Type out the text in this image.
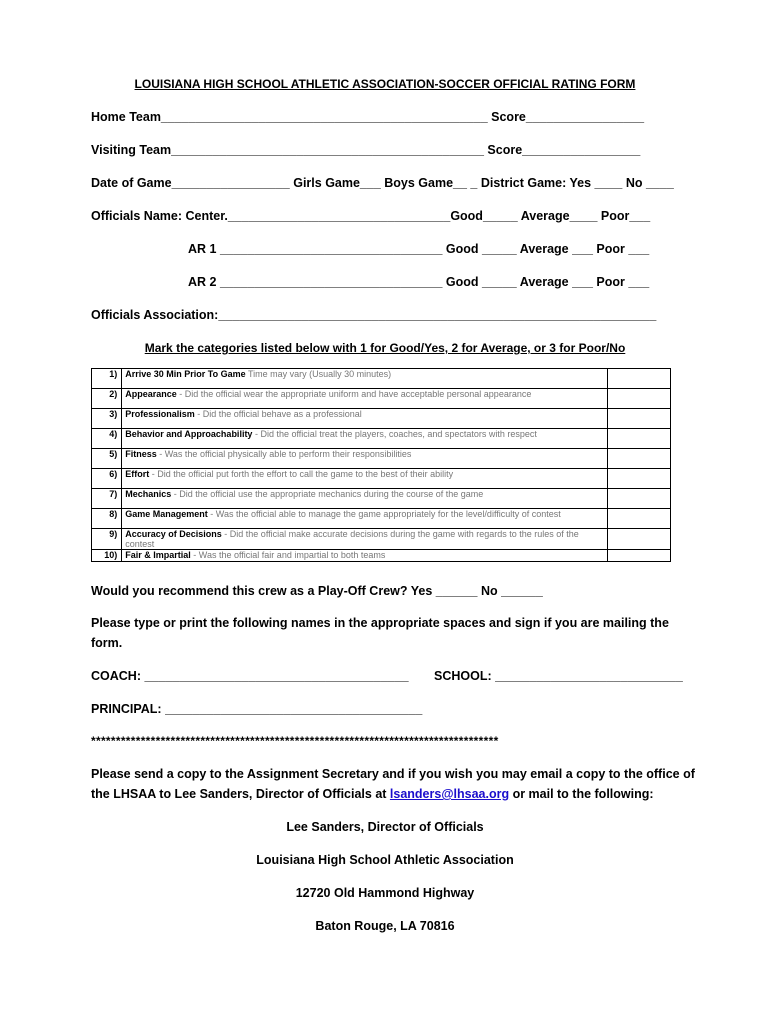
LOUISIANA HIGH SCHOOL ATHLETIC ASSOCIATION-SOCCER OFFICIAL RATING FORM
Home Team_______________________________________________ Score_________________
Visiting Team_____________________________________________ Score_________________
Date of Game_________________ Girls Game___ Boys Game__ _ District Game: Yes ____ No ____
Officials Name: Center.________________________________Good_____ Average____ Poor___
AR 1 ________________________________ Good _____ Average ___ Poor ___
AR 2 ________________________________ Good _____ Average ___ Poor ___
Officials Association:_______________________________________________________________
Mark the categories listed below with 1 for Good/Yes, 2 for Average, or 3 for Poor/No
1)	Arrive 30 Min Prior To Game Time may vary (Usually 30 minutes)	
2)	Appearance - Did the official wear the appropriate uniform and have acceptable personal appearance	
3)	Professionalism - Did the official behave as a professional	
4)	Behavior and Approachability - Did the official treat the players, coaches, and spectators with respect	
5)	Fitness - Was the official physically able to perform their responsibilities	
6)	Effort - Did the official put forth the effort to call the game to the best of their ability	
7)	Mechanics - Did the official use the appropriate mechanics during the course of the game	
8)	Game Management - Was the official able to manage the game appropriately for the level/difficulty of contest	
9)	Accuracy of Decisions - Did the official make accurate decisions during the game with regards to the rules of the contest	
10)	Fair & Impartial - Was the official fair and impartial to both teams	
Would you recommend this crew as a Play-Off Crew? Yes ______ No ______
Please type or print the following names in the appropriate spaces and sign if you are mailing the
form.
COACH: ______________________________________ SCHOOL: ___________________________
PRINCIPAL: _____________________________________
**********************************************************************************
Please send a copy to the Assignment Secretary and if you wish you may email a copy to the office of
the LHSAA to Lee Sanders, Director of Officials at lsanders@lhsaa.org or mail to the following:
Lee Sanders, Director of Officials
Louisiana High School Athletic Association
12720 Old Hammond Highway
Baton Rouge, LA 70816
